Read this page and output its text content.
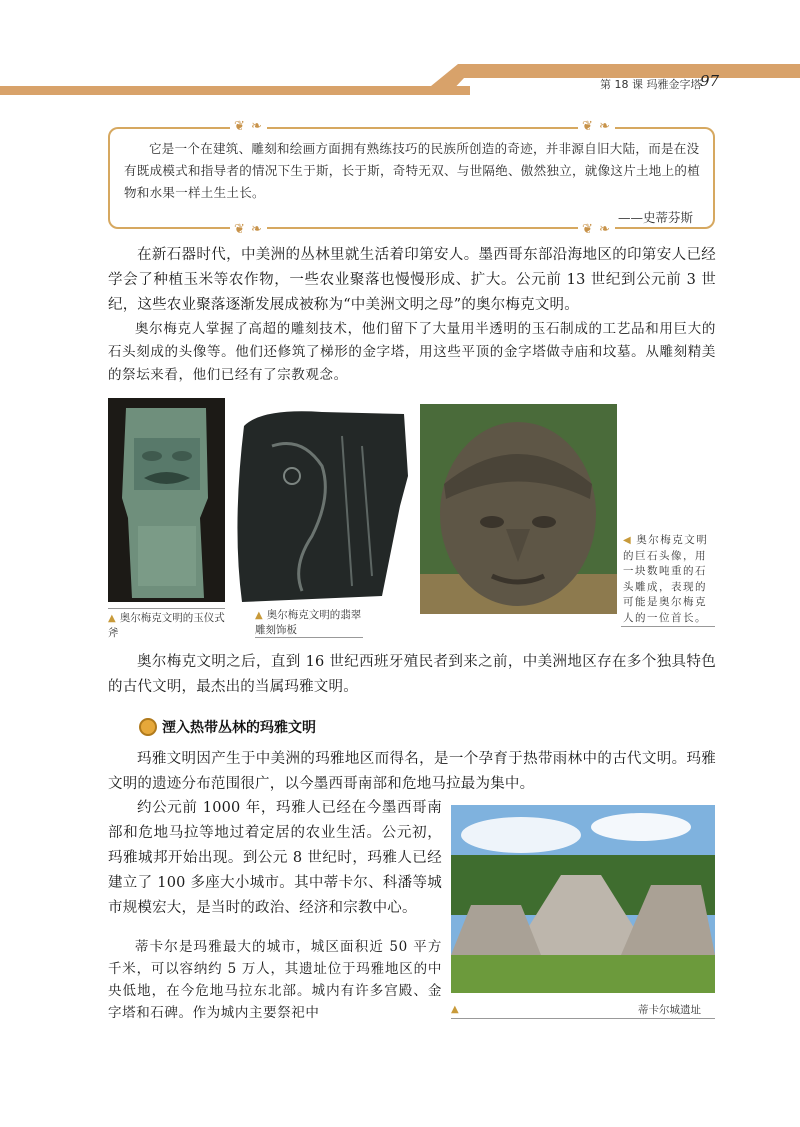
第 18 课 玛雅金字塔
97
❦ ❧	❦ ❧
❦ ❧	❦ ❧
它是一个在建筑、雕刻和绘画方面拥有熟练技巧的民族所创造的奇迹，并非源自旧大陆，而是在没有既成模式和指导者的情况下生于斯，长于斯，奇特无双、与世隔绝、傲然独立，就像这片土地上的植物和水果一样土生土长。
——史蒂芬斯
在新石器时代，中美洲的丛林里就生活着印第安人。墨西哥东部沿海地区的印第安人已经学会了种植玉米等农作物，一些农业聚落也慢慢形成、扩大。公元前 13 世纪到公元前 3 世纪，这些农业聚落逐渐发展成被称为“中美洲文明之母”的奥尔梅克文明。
奥尔梅克人掌握了高超的雕刻技术，他们留下了大量用半透明的玉石制成的工艺品和用巨大的石头刻成的头像等。他们还修筑了梯形的金字塔，用这些平顶的金字塔做寺庙和坟墓。从雕刻精美的祭坛来看，他们已经有了宗教观念。
▲ 奥尔梅克文明的玉仪式斧
▲ 奥尔梅克文明的翡翠雕刻饰板
◀ 奥尔梅克文明的巨石头像，用一块数吨重的石头雕成，表现的可能是奥尔梅克人的一位首长。
奥尔梅克文明之后，直到 16 世纪西班牙殖民者到来之前，中美洲地区存在多个独具特色的古代文明，最杰出的当属玛雅文明。
湮入热带丛林的玛雅文明
玛雅文明因产生于中美洲的玛雅地区而得名，是一个孕育于热带雨林中的古代文明。玛雅文明的遗迹分布范围很广，以今墨西哥南部和危地马拉最为集中。
约公元前 1000 年，玛雅人已经在今墨西哥南部和危地马拉等地过着定居的农业生活。公元初，玛雅城邦开始出现。到公元 8 世纪时，玛雅人已经建立了 100 多座大小城市。其中蒂卡尔、科潘等城市规模宏大，是当时的政治、经济和宗教中心。
蒂卡尔是玛雅最大的城市，城区面积近 50 平方千米，可以容纳约 5 万人，其遗址位于玛雅地区的中央低地，在今危地马拉东北部。城内有许多宫殿、金字塔和石碑。作为城内主要祭祀中	▲	蒂卡尔城遗址
